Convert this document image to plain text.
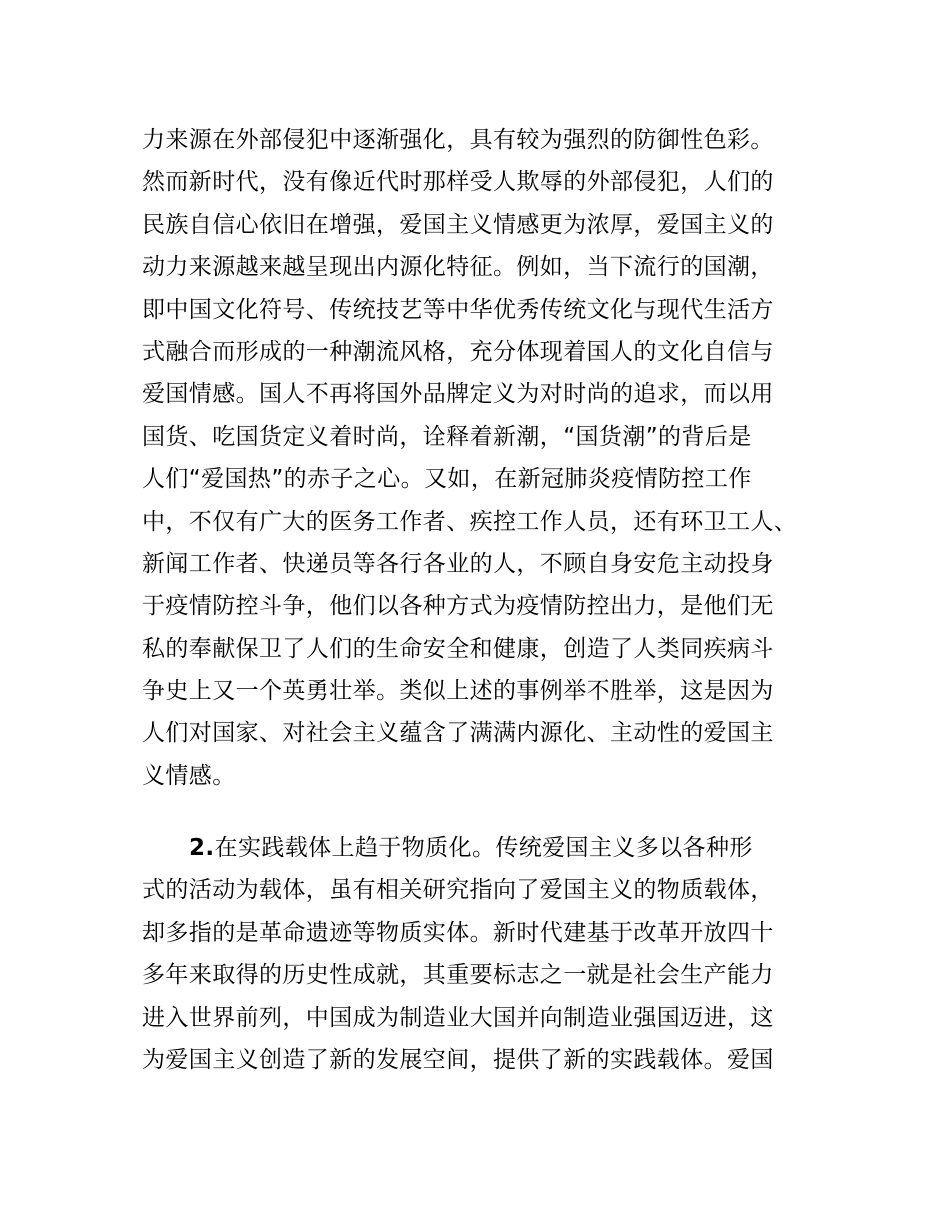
力来源在外部侵犯中逐渐强化，具有较为强烈的防御性色彩。
然而新时代，没有像近代时那样受人欺辱的外部侵犯，人们的
民族自信心依旧在增强，爱国主义情感更为浓厚，爱国主义的
动力来源越来越呈现出内源化特征。例如，当下流行的国潮，
即中国文化符号、传统技艺等中华优秀传统文化与现代生活方
式融合而形成的一种潮流风格，充分体现着国人的文化自信与
爱国情感。国人不再将国外品牌定义为对时尚的追求，而以用
国货、吃国货定义着时尚，诠释着新潮，“国货潮”的背后是
人们“爱国热”的赤子之心。又如，在新冠肺炎疫情防控工作
中，不仅有广大的医务工作者、疾控工作人员，还有环卫工人、
新闻工作者、快递员等各行各业的人，不顾自身安危主动投身
于疫情防控斗争，他们以各种方式为疫情防控出力，是他们无
私的奉献保卫了人们的生命安全和健康，创造了人类同疾病斗
争史上又一个英勇壮举。类似上述的事例举不胜举，这是因为
人们对国家、对社会主义蕴含了满满内源化、主动性的爱国主
义情感。
2.在实践载体上趋于物质化。传统爱国主义多以各种形
式的活动为载体，虽有相关研究指向了爱国主义的物质载体，
却多指的是革命遗迹等物质实体。新时代建基于改革开放四十
多年来取得的历史性成就，其重要标志之一就是社会生产能力
进入世界前列，中国成为制造业大国并向制造业强国迈进，这
为爱国主义创造了新的发展空间，提供了新的实践载体。爱国
